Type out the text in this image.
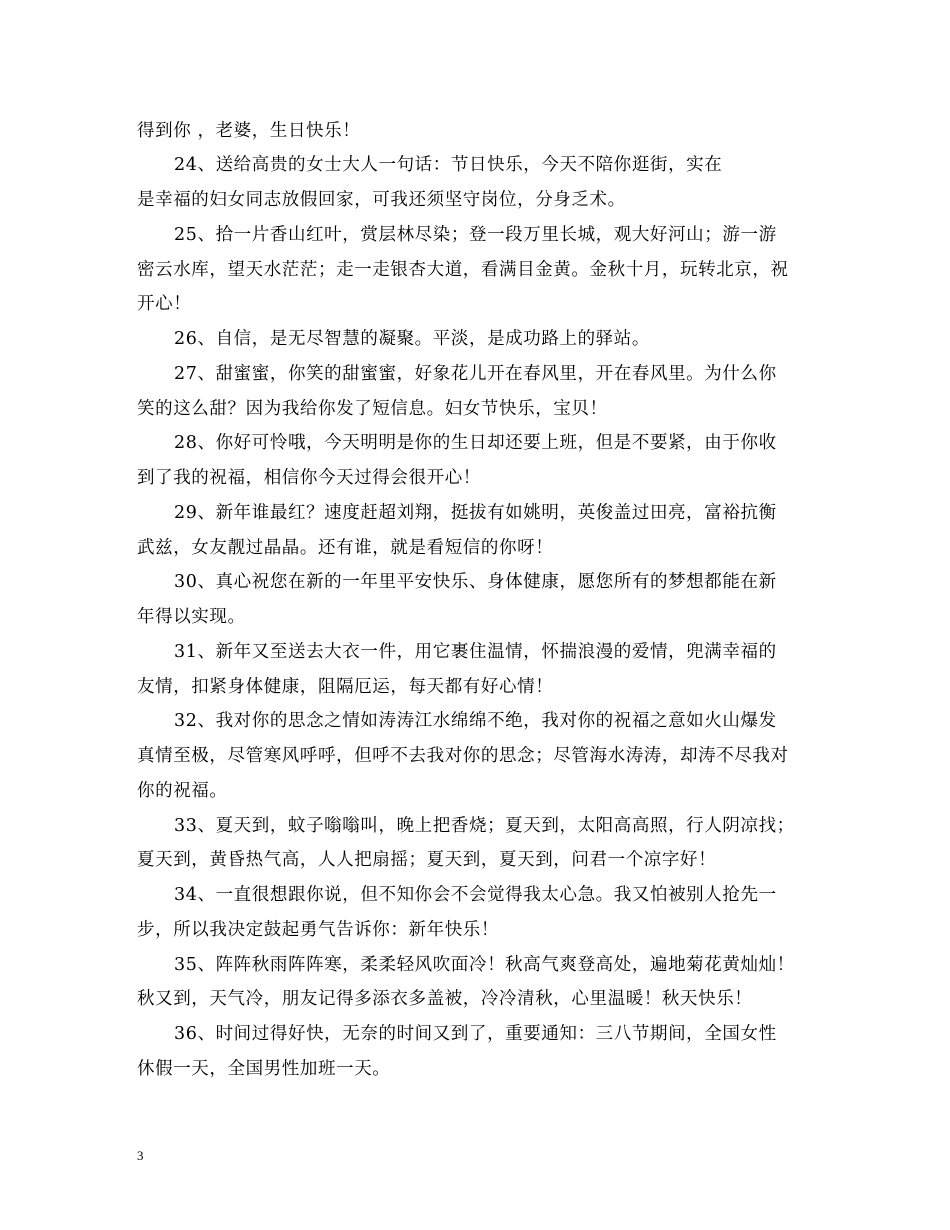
得到你 ，老婆，生日快乐！
24、送给高贵的女士大人一句话：节日快乐，今天不陪你逛街，实在
是幸福的妇女同志放假回家，可我还须坚守岗位，分身乏术。
25、拾一片香山红叶，赏层林尽染；登一段万里长城，观大好河山；游一游
密云水库，望天水茫茫；走一走银杏大道，看满目金黄。金秋十月，玩转北京，祝
开心！
26、自信，是无尽智慧的凝聚。平淡，是成功路上的驿站。
27、甜蜜蜜，你笑的甜蜜蜜，好象花儿开在春风里，开在春风里。为什么你
笑的这么甜？因为我给你发了短信息。妇女节快乐，宝贝！
28、你好可怜哦，今天明明是你的生日却还要上班，但是不要紧，由于你收
到了我的祝福，相信你今天过得会很开心！
29、新年谁最红？速度赶超刘翔，挺拔有如姚明，英俊盖过田亮，富裕抗衡
武兹，女友靓过晶晶。还有谁，就是看短信的你呀！
30、真心祝您在新的一年里平安快乐、身体健康，愿您所有的梦想都能在新
年得以实现。
31、新年又至送去大衣一件，用它裹住温情，怀揣浪漫的爱情，兜满幸福的
友情，扣紧身体健康，阻隔厄运，每天都有好心情！
32、我对你的思念之情如涛涛江水绵绵不绝，我对你的祝福之意如火山爆发
真情至极，尽管寒风呼呼，但呼不去我对你的思念；尽管海水涛涛，却涛不尽我对
你的祝福。
33、夏天到，蚊子嗡嗡叫，晚上把香烧；夏天到，太阳高高照，行人阴凉找；
夏天到，黄昏热气高，人人把扇摇；夏天到，夏天到，问君一个凉字好！
34、一直很想跟你说，但不知你会不会觉得我太心急。我又怕被别人抢先一
步，所以我决定鼓起勇气告诉你：新年快乐！
35、阵阵秋雨阵阵寒，柔柔轻风吹面冷！秋高气爽登高处，遍地菊花黄灿灿！
秋又到，天气冷，朋友记得多添衣多盖被，冷冷清秋，心里温暖！秋天快乐！
36、时间过得好快，无奈的时间又到了，重要通知：三八节期间，全国女性
休假一天，全国男性加班一天。
3
